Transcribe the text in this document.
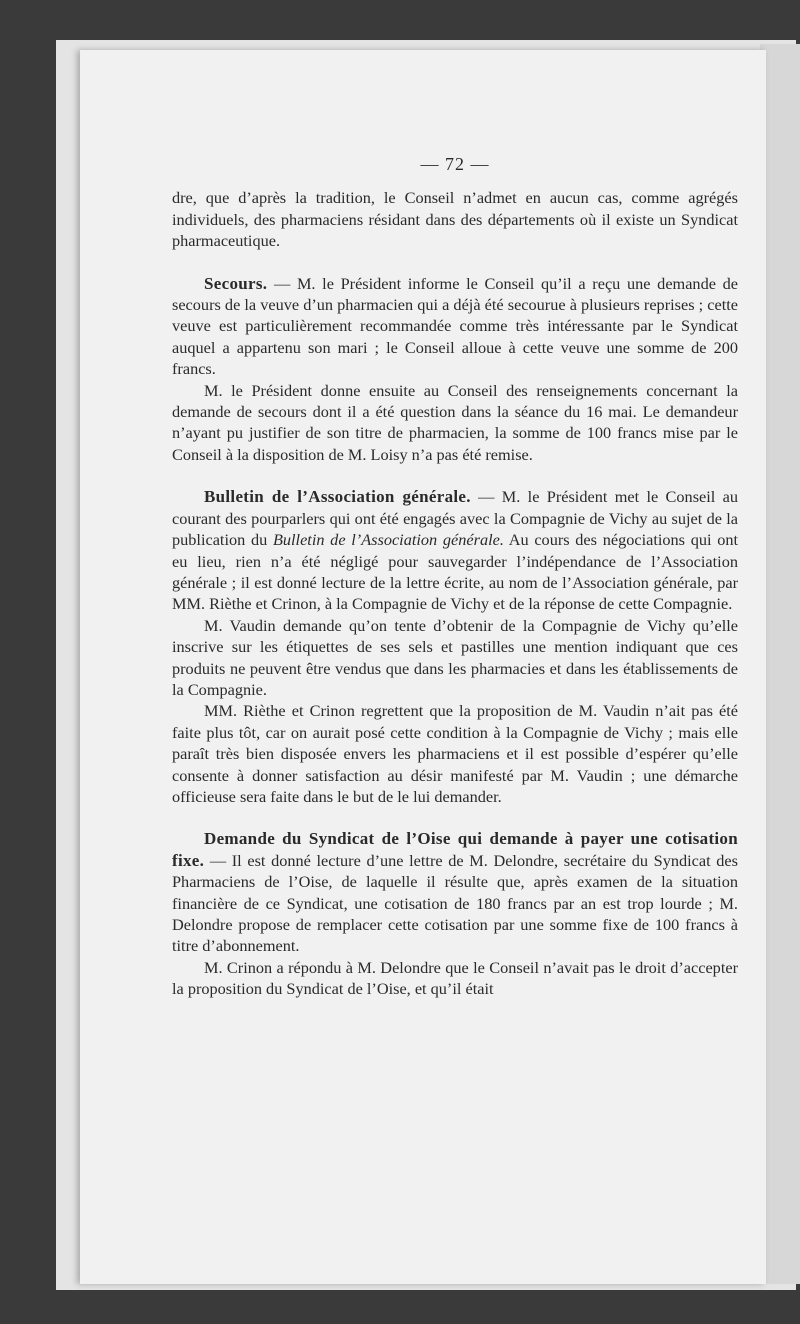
— 72 —

dre, que d’après la tradition, le Conseil n’admet en aucun cas, comme agrégés individuels, des pharmaciens résidant dans des départements où il existe un Syndicat pharmaceutique.

Secours. — M. le Président informe le Conseil qu’il a reçu une demande de secours de la veuve d’un pharmacien qui a déjà été secourue à plusieurs reprises ; cette veuve est particulièrement recommandée comme très intéressante par le Syndicat auquel a appartenu son mari ; le Conseil alloue à cette veuve une somme de 200 francs.

M. le Président donne ensuite au Conseil des renseignements concernant la demande de secours dont il a été question dans la séance du 16 mai. Le demandeur n’ayant pu justifier de son titre de pharmacien, la somme de 100 francs mise par le Conseil à la disposition de M. Loisy n’a pas été remise.

Bulletin de l’Association générale. — M. le Président met le Conseil au courant des pourparlers qui ont été engagés avec la Compagnie de Vichy au sujet de la publication du Bulletin de l’Association générale. Au cours des négociations qui ont eu lieu, rien n’a été négligé pour sauvegarder l’indépendance de l’Association générale ; il est donné lecture de la lettre écrite, au nom de l’Association générale, par MM. Rièthe et Crinon, à la Compagnie de Vichy et de la réponse de cette Compagnie.

M. Vaudin demande qu’on tente d’obtenir de la Compagnie de Vichy qu’elle inscrive sur les étiquettes de ses sels et pastilles une mention indiquant que ces produits ne peuvent être vendus que dans les pharmacies et dans les établissements de la Compagnie.

MM. Rièthe et Crinon regrettent que la proposition de M. Vaudin n’ait pas été faite plus tôt, car on aurait posé cette condition à la Compagnie de Vichy ; mais elle paraît très bien disposée envers les pharmaciens et il est possible d’espérer qu’elle consente à donner satisfaction au désir manifesté par M. Vaudin ; une démarche officieuse sera faite dans le but de le lui demander.

Demande du Syndicat de l’Oise qui demande à payer une cotisation fixe. — Il est donné lecture d’une lettre de M. Delondre, secrétaire du Syndicat des Pharmaciens de l’Oise, de laquelle il résulte que, après examen de la situation financière de ce Syndicat, une cotisation de 180 francs par an est trop lourde ; M. Delondre propose de remplacer cette cotisation par une somme fixe de 100 francs à titre d’abonnement.

M. Crinon a répondu à M. Delondre que le Conseil n’avait pas le droit d’accepter la proposition du Syndicat de l’Oise, et qu’il était
